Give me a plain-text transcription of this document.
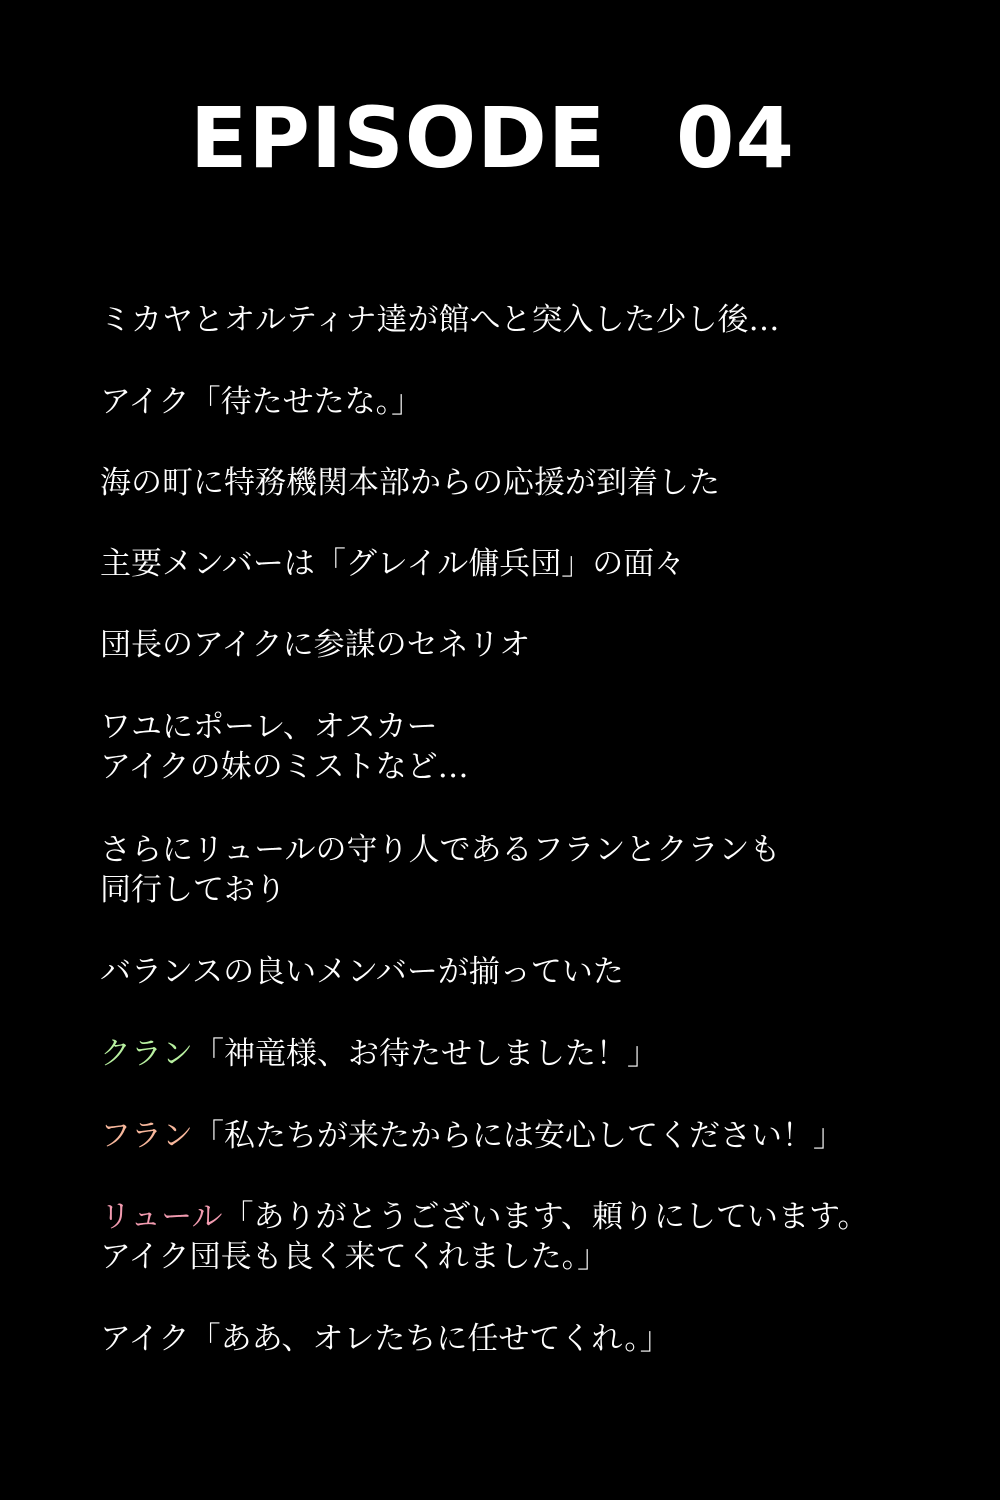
EPISODE 04
ミカヤとオルティナ達が館へと突入した少し後…
アイク「待たせたな。」
海の町に特務機関本部からの応援が到着した
主要メンバーは「グレイル傭兵団」の面々
団長のアイクに参謀のセネリオ
ワユにポーレ、オスカー
アイクの妹のミストなど…
さらにリュールの守り人であるフランとクランも
同行しており
バランスの良いメンバーが揃っていた
クラン「神竜様、お待たせしました！」
フラン「私たちが来たからには安心してください！」
リュール「ありがとうございます、頼りにしています。
アイク団長も良く来てくれました。」
アイク「ああ、オレたちに任せてくれ。」
